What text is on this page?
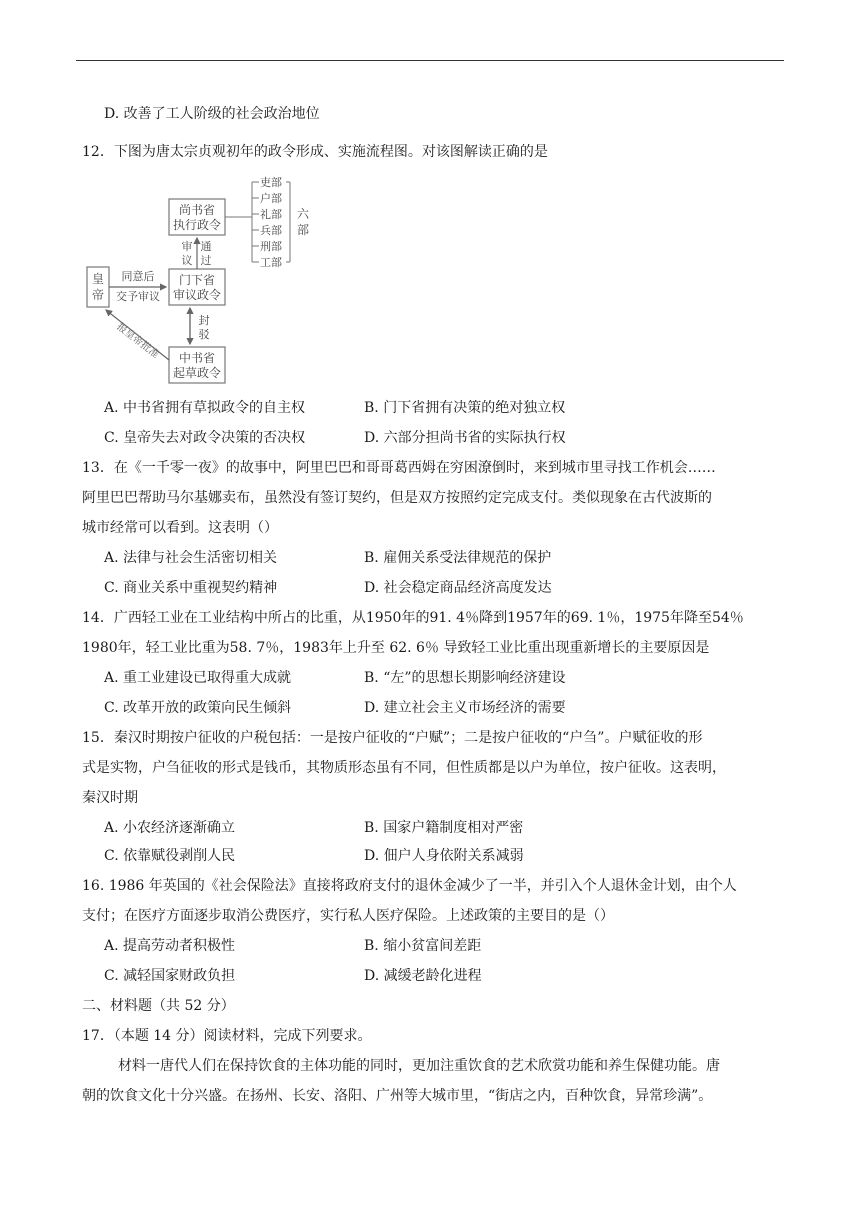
D. 改善了工人阶级的社会政治地位
12．下图为唐太宗贞观初年的政令形成、实施流程图。对该图解读正确的是
尚书省
执行政令
门下省
审议政令
中书省
起草政令
皇
帝
吏部
户部
礼部
兵部
刑部
工部
六
部
审
议
通
过
同意后
交予审议
封
驳
报皇帝批准
A. 中书省拥有草拟政令的自主权	B. 门下省拥有决策的绝对独立权
C. 皇帝失去对政令决策的否决权	D. 六部分担尚书省的实际执行权
13．在《一千零一夜》的故事中，阿里巴巴和哥哥葛西姆在穷困潦倒时，来到城市里寻找工作机会……
阿里巴巴帮助马尔基娜卖布，虽然没有签订契约，但是双方按照约定完成支付。类似现象在古代波斯的
城市经常可以看到。这表明（）
A. 法律与社会生活密切相关	B. 雇佣关系受法律规范的保护
C. 商业关系中重视契约精神	D. 社会稳定商品经济高度发达
14．广西轻工业在工业结构中所占的比重，从1950年的91. 4％降到1957年的69. 1％，1975年降至54％
1980年，轻工业比重为58. 7％，1983年上升至 62. 6％ 导致轻工业比重出现重新增长的主要原因是
A. 重工业建设已取得重大成就	B. “左”的思想长期影响经济建设
C. 改革开放的政策向民生倾斜	D. 建立社会主义市场经济的需要
15．秦汉时期按户征收的户税包括：一是按户征收的“户赋”；二是按户征收的“户刍”。户赋征收的形
式是实物，户刍征收的形式是钱币，其物质形态虽有不同，但性质都是以户为单位，按户征收。这表明，
秦汉时期
A. 小农经济逐渐确立	B. 国家户籍制度相对严密
C. 依靠赋役剥削人民	D. 佃户人身依附关系减弱
16. 1986 年英国的《社会保险法》直接将政府支付的退休金减少了一半，并引入个人退休金计划，由个人
支付；在医疗方面逐步取消公费医疗，实行私人医疗保险。上述政策的主要目的是（）
A. 提高劳动者积极性	B. 缩小贫富间差距
C. 减轻国家财政负担	D. 减缓老龄化进程
二、材料题（共 52 分）
17．（本题 14 分）阅读材料，完成下列要求。
材料一唐代人们在保持饮食的主体功能的同时，更加注重饮食的艺术欣赏功能和养生保健功能。唐
朝的饮食文化十分兴盛。在扬州、长安、洛阳、广州等大城市里，“街店之内，百种饮食，异常珍满”。
